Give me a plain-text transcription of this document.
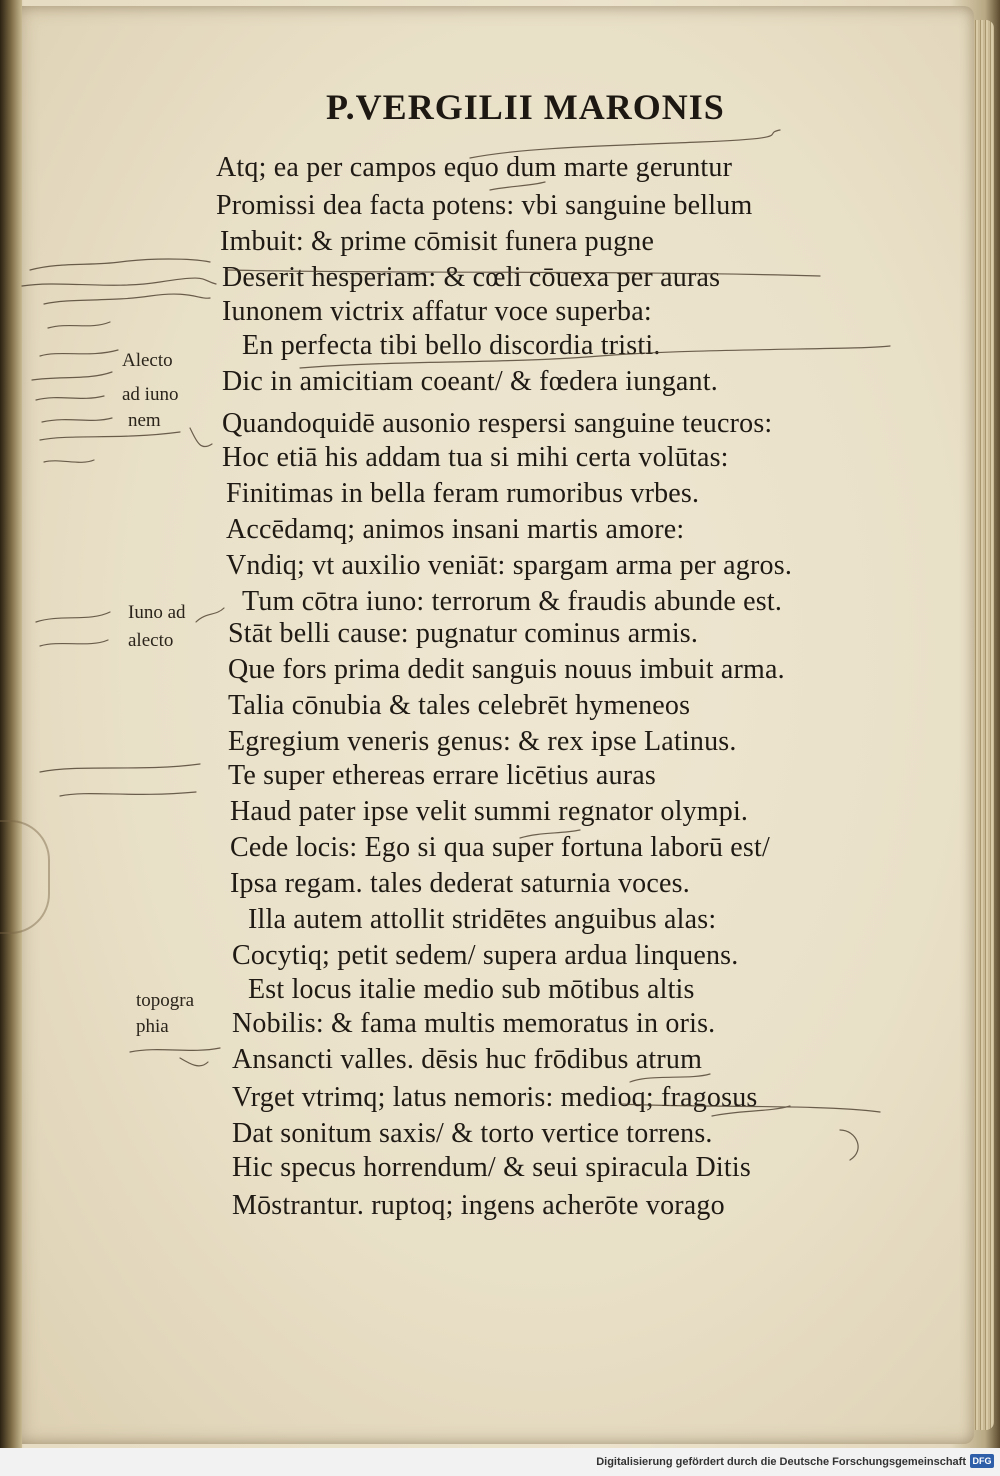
P.VERGILII MARONIS
Atq; ea per campos equo dum marte geruntur
Promissi dea facta potens: vbi sanguine bellum
Imbuit: & prime cōmisit funera pugne
Deserit hesperiam: & cœli cōuexa per auras
Iunonem victrix affatur voce superba:
En perfecta tibi bello discordia tristi.
Dic in amicitiam coeant/ & fœdera iungant.
Quandoquidē ausonio respersi sanguine teucros:
Hoc etiā his addam tua si mihi certa volūtas:
Finitimas in bella feram rumoribus vrbes.
Accēdamq; animos insani martis amore:
Vndiq; vt auxilio veniāt: spargam arma per agros.
Tum cōtra iuno: terrorum & fraudis abunde est.
Stāt belli cause: pugnatur cominus armis.
Que fors prima dedit sanguis nouus imbuit arma.
Talia cōnubia & tales celebrēt hymeneos
Egregium veneris genus: & rex ipse Latinus.
Te super ethereas errare licētius auras
Haud pater ipse velit summi regnator olympi.
Cede locis: Ego si qua super fortuna laborū est/
Ipsa regam. tales dederat saturnia voces.
Illa autem attollit stridētes anguibus alas:
Cocytiq; petit sedem/ supera ardua linquens.
Est locus italie medio sub mōtibus altis
Nobilis: & fama multis memoratus in oris.
Ansancti valles. dēsis huc frōdibus atrum
Vrget vtrimq; latus nemoris: medioq; fragosus
Dat sonitum saxis/ & torto vertice torrens.
Hic specus horrendum/ & seui spiracula Ditis
Mōstrantur. ruptoq; ingens acherōte vorago
Alecto
ad iuno
nem
Iuno ad
alecto
topogra
phia
Digitalisierung gefördert durch die Deutsche Forschungsgemeinschaft DFG
